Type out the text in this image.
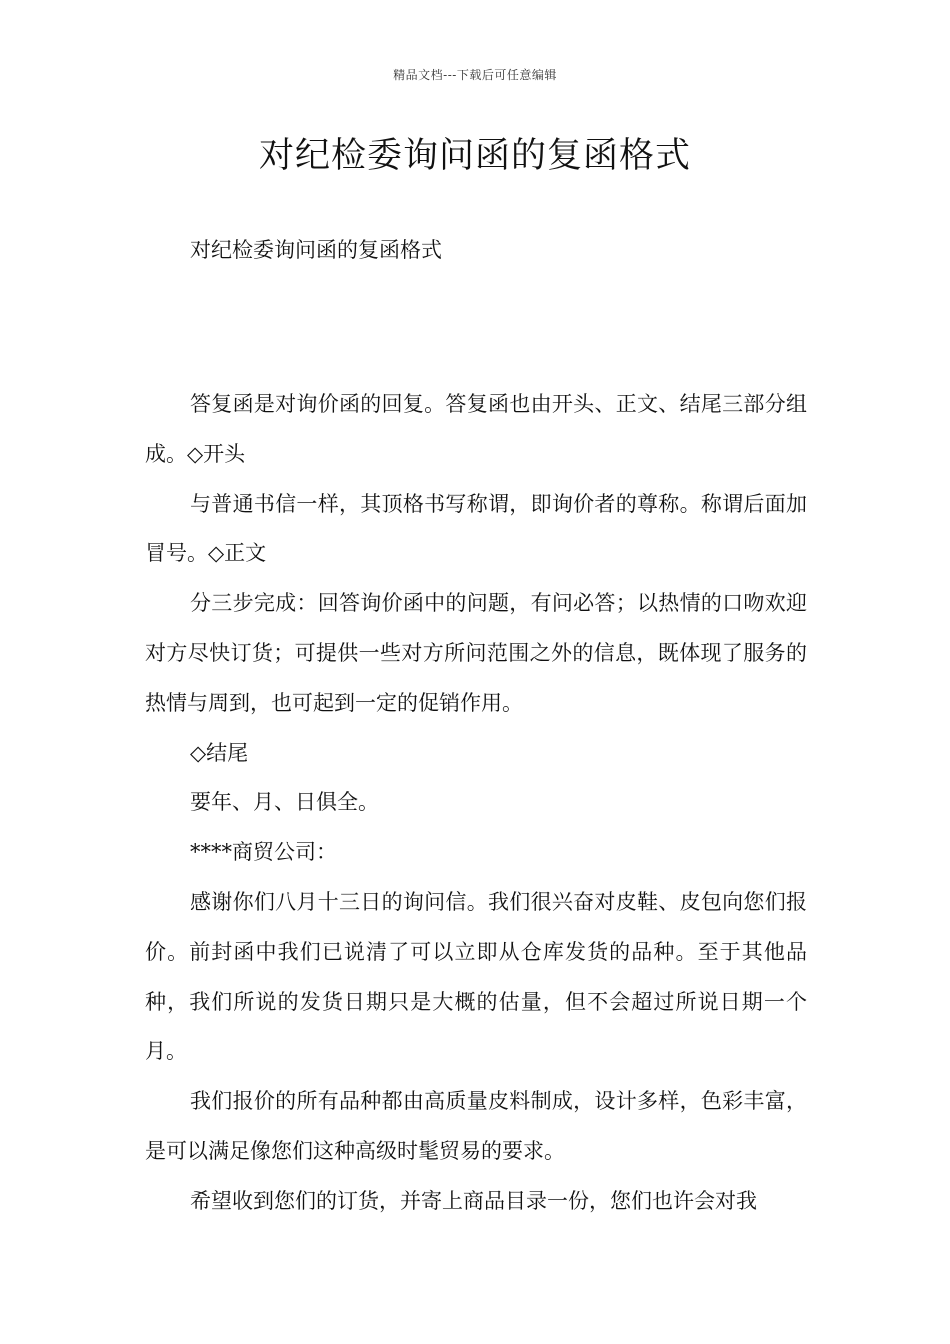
精品文档---下载后可任意编辑
对纪检委询问函的复函格式
对纪检委询问函的复函格式

答复函是对询价函的回复。答复函也由开头、正文、结尾三部分组成。◇开头

与普通书信一样，其顶格书写称谓，即询价者的尊称。称谓后面加冒号。◇正文

分三步完成：回答询价函中的问题，有问必答；以热情的口吻欢迎对方尽快订货；可提供一些对方所问范围之外的信息，既体现了服务的热情与周到，也可起到一定的促销作用。

◇结尾

要年、月、日俱全。

****商贸公司：

感谢你们八月十三日的询问信。我们很兴奋对皮鞋、皮包向您们报价。前封函中我们已说清了可以立即从仓库发货的品种。至于其他品种，我们所说的发货日期只是大概的估量，但不会超过所说日期一个月。

我们报价的所有品种都由高质量皮料制成，设计多样，色彩丰富，是可以满足像您们这种高级时髦贸易的要求。

希望收到您们的订货，并寄上商品目录一份，您们也许会对我
